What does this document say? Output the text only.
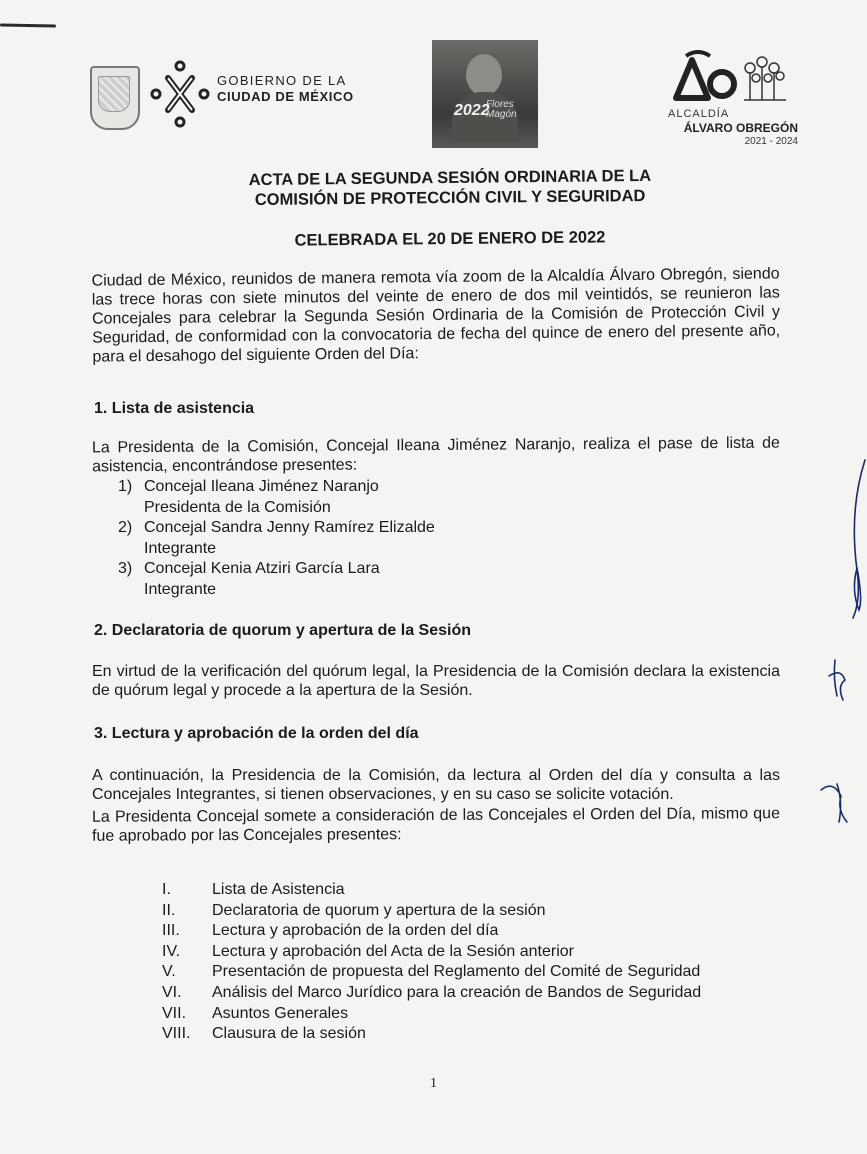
GOBIERNO DE LA
CIUDAD DE MÉXICO
2022
Flores Magón	ALCALDÍA
ÁLVARO OBREGÓN
2021 - 2024
ACTA DE LA SEGUNDA SESIÓN ORDINARIA DE LA
COMISIÓN DE PROTECCIÓN CIVIL Y SEGURIDAD
CELEBRADA EL 20 DE ENERO DE 2022
Ciudad de México, reunidos de manera remota vía zoom de la Alcaldía Álvaro Obregón, siendo las trece horas con siete minutos del veinte de enero de dos mil veintidós, se reunieron las Concejales para celebrar la Segunda Sesión Ordinaria de la Comisión de Protección Civil y Seguridad, de conformidad con la convocatoria de fecha del quince de enero del presente año, para el desahogo del siguiente Orden del Día:
1. Lista de asistencia
La Presidenta de la Comisión, Concejal Ileana Jiménez Naranjo, realiza el pase de lista de asistencia, encontrándose presentes:
1) Concejal Ileana Jiménez Naranjo
Presidenta de la Comisión
2) Concejal Sandra Jenny Ramírez Elizalde
Integrante
3) Concejal Kenia Atziri García Lara
Integrante
2. Declaratoria de quorum y apertura de la Sesión
En virtud de la verificación del quórum legal, la Presidencia de la Comisión declara la existencia de quórum legal y procede a la apertura de la Sesión.
3. Lectura y aprobación de la orden del día
A continuación, la Presidencia de la Comisión, da lectura al Orden del día y consulta a las Concejales Integrantes, si tienen observaciones, y en su caso se solicite votación.
La Presidenta Concejal somete a consideración de las Concejales el Orden del Día, mismo que fue aprobado por las Concejales presentes:
I.	Lista de Asistencia
II.	Declaratoria de quorum y apertura de la sesión
III.	Lectura y aprobación de la orden del día
IV.	Lectura y aprobación del Acta de la Sesión anterior
V.	Presentación de propuesta del Reglamento del Comité de Seguridad
VI.	Análisis del Marco Jurídico para la creación de Bandos de Seguridad
VII.	Asuntos Generales
VIII.	Clausura de la sesión
1
